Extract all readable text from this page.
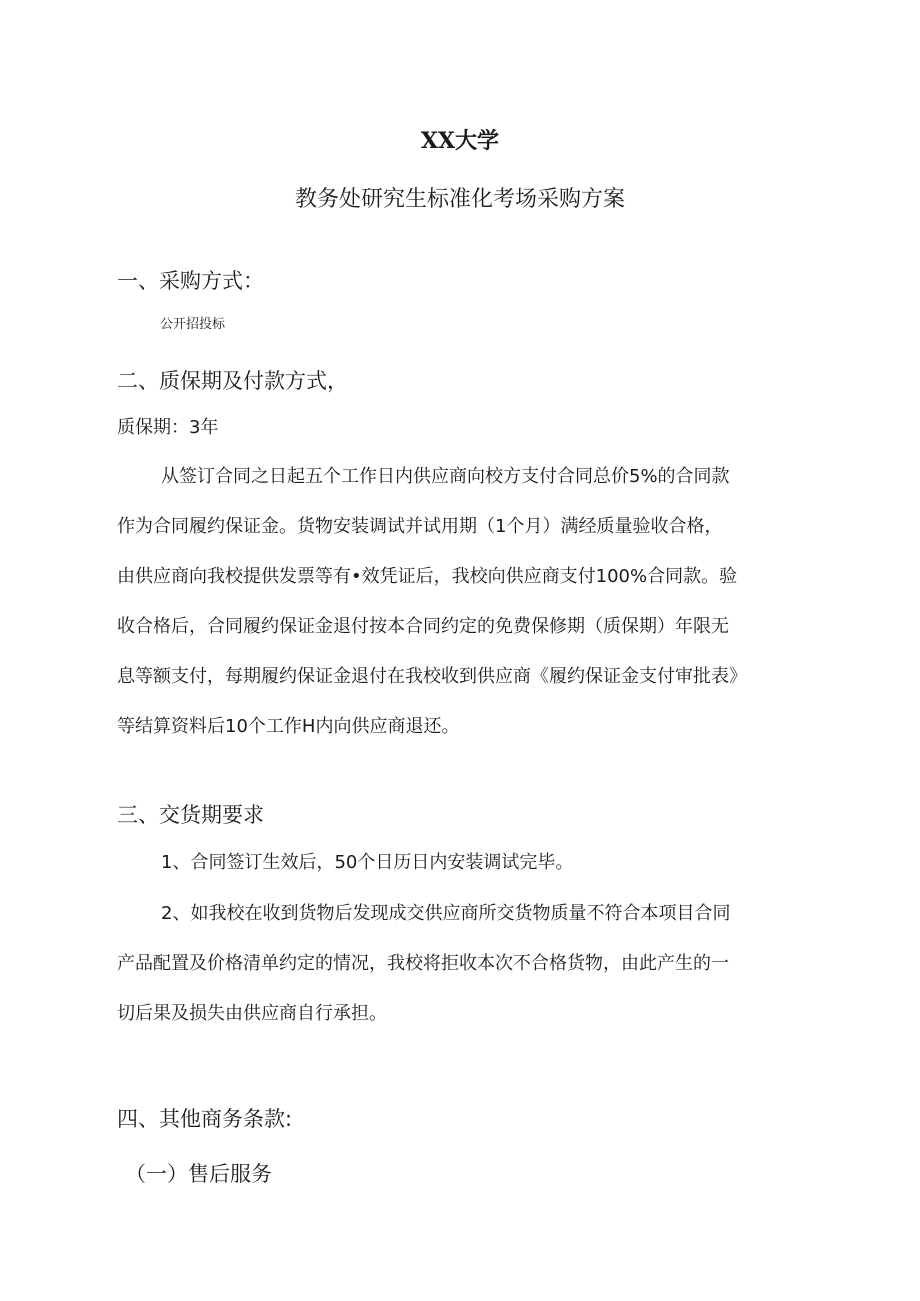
XX大学
教务处研究生标准化考场采购方案
一、采购方式：
公开招投标
二、质保期及付款方式，
质保期：3年
从签订合同之日起五个工作日内供应商向校方支付合同总价5%的合同款
作为合同履约保证金。货物安装调试并试用期（1个月）满经质量验收合格，
由供应商向我校提供发票等有•效凭证后，我校向供应商支付100%合同款。验
收合格后，合同履约保证金退付按本合同约定的免费保修期（质保期）年限无
息等额支付，每期履约保证金退付在我校收到供应商《履约保证金支付审批表》
等结算资料后10个工作H内向供应商退还。
三、交货期要求
1、合同签订生效后，50个日历日内安装调试完毕。
2、如我校在收到货物后发现成交供应商所交货物质量不符合本项目合同
产品配置及价格清单约定的情况，我校将拒收本次不合格货物，由此产生的一
切后果及损失由供应商自行承担。
四、其他商务条款:
（一）售后服务
